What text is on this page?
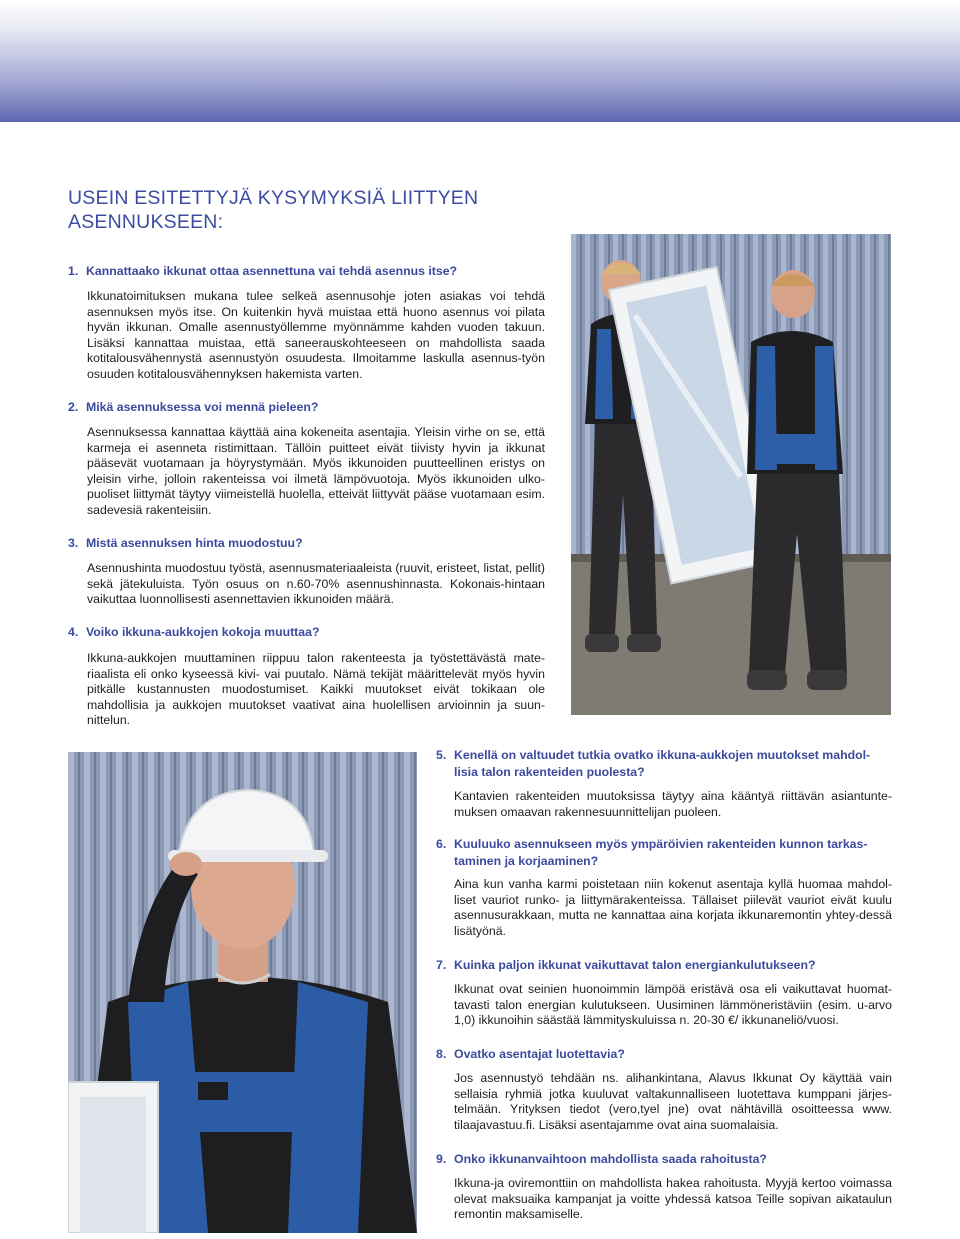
USEIN ESITETTYJÄ KYSYMYKSIÄ LIITTYEN
ASENNUKSEEN:
1. Kannattaako ikkunat ottaa asennettuna vai tehdä asennus itse?

Ikkunatoimituksen mukana tulee selkeä asennusohje joten asiakas voi tehdä asennuksen myös itse. On kuitenkin hyvä muistaa että huono asennus voi pilata hyvän ikkunan. Omalle asennustyöllemme myönnämme kahden vuoden takuun. Lisäksi kannattaa muistaa, että saneerauskohteeseen on mahdollista saada kotitalousvähennystä asennustyön osuudesta. Ilmoitamme laskulla asennus-työn osuuden kotitalousvähennyksen hakemista varten.

2. Mikä asennuksessa voi mennä pieleen?

Asennuksessa kannattaa käyttää aina kokeneita asentajia. Yleisin virhe on se, että karmeja ei asenneta ristimittaan. Tällöin puitteet eivät tiivisty hyvin ja ikkunat pääsevät vuotamaan ja höyrystymään. Myös ikkunoiden puutteellinen eristys on yleisin virhe, jolloin rakenteissa voi ilmetä lämpövuotoja. Myös ikkunoiden ulko-puoliset liittymät täytyy viimeistellä huolella, etteivät liittyvät pääse vuotamaan esim. sadevesiä rakenteisiin.

3. Mistä asennuksen hinta muodostuu?

Asennushinta muodostuu työstä, asennusmateriaaleista (ruuvit, eristeet, listat, pellit) sekä jätekuluista. Työn osuus on n.60-70% asennushinnasta. Kokonais-hintaan vaikuttaa luonnollisesti asennettavien ikkunoiden määrä.

4. Voiko ikkuna-aukkojen kokoja muuttaa?

Ikkuna-aukkojen muuttaminen riippuu talon rakenteesta ja työstettävästä mate-riaalista eli onko kyseessä kivi- vai puutalo. Nämä tekijät määrittelevät myös hyvin pitkälle kustannusten muodostumiset. Kaikki muutokset eivät tokikaan ole mahdollisia ja aukkojen muutokset vaativat aina huolellisen arvioinnin ja suun-nittelun.

5. Kenellä on valtuudet tutkia ovatko ikkuna-aukkojen muutokset mahdol-lisia talon rakenteiden puolesta?

Kantavien rakenteiden muutoksissa täytyy aina kääntyä riittävän asiantunte-muksen omaavan rakennesuunnittelijan puoleen.

6. Kuuluuko asennukseen myös ympäröivien rakenteiden kunnon tarkas-taminen ja korjaaminen?

Aina kun vanha karmi poistetaan niin kokenut asentaja kyllä huomaa mahdol-liset vauriot runko- ja liittymärakenteissa. Tällaiset piilevät vauriot eivät kuulu asennusurakkaan, mutta ne kannattaa aina korjata ikkunaremontin yhtey-dessä lisätyönä.

7. Kuinka paljon ikkunat vaikuttavat talon energiankulutukseen?

Ikkunat ovat seinien huonoimmin lämpöä eristävä osa eli vaikuttavat huomat-tavasti talon energian kulutukseen. Uusiminen lämmöneristäviin (esim. u-arvo 1,0) ikkunoihin säästää lämmityskuluissa n. 20-30 €/ ikkunaneliö/vuosi.

8. Ovatko asentajat luotettavia?

Jos asennustyö tehdään ns. alihankintana, Alavus Ikkunat Oy käyttää vain sellaisia ryhmiä jotka kuuluvat valtakunnalliseen luotettava kumppani järjes-telmään. Yrityksen tiedot (vero,tyel jne) ovat nähtävillä osoitteessa www. tilaajavastuu.fi. Lisäksi asentajamme ovat aina suomalaisia.

9. Onko ikkunanvaihtoon mahdollista saada rahoitusta?

Ikkuna-ja oviremonttiin on mahdollista hakea rahoitusta. Myyjä kertoo voimassa olevat maksuaika kampanjat ja voitte yhdessä katsoa Teille sopivan aikataulun remontin maksamiselle.
